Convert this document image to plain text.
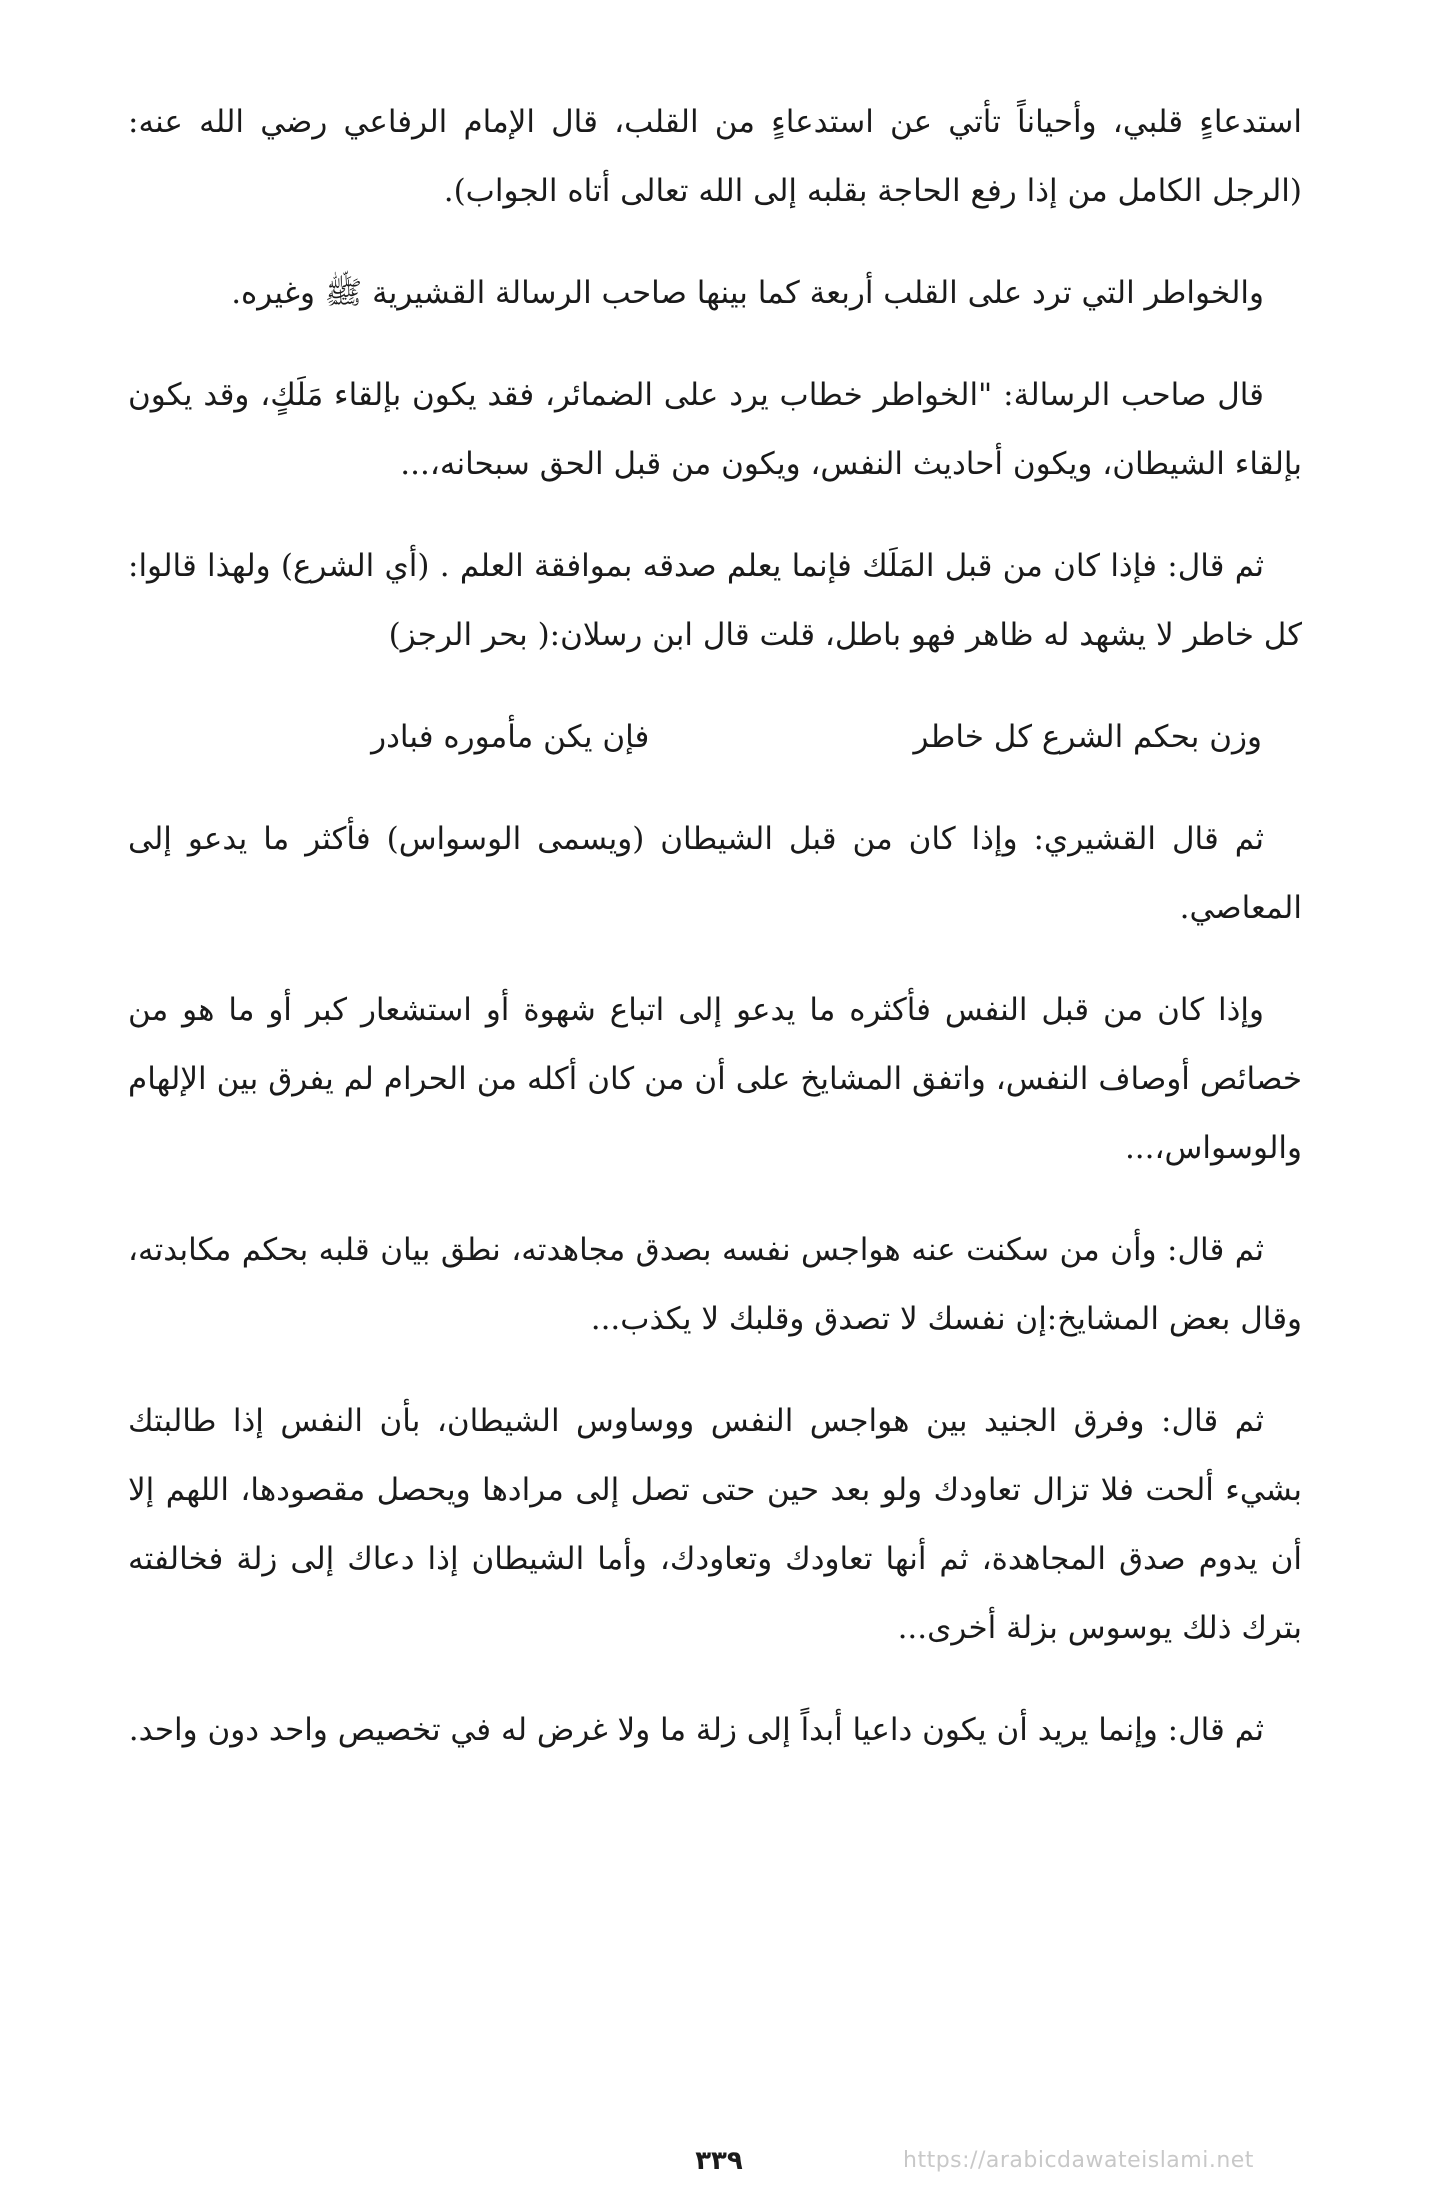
استدعاءٍ قلبي، وأحياناً تأتي عن استدعاءٍ من القلب، قال الإمام الرفاعي رضي الله عنه: (الرجل الكامل من إذا رفع الحاجة بقلبه إلى الله تعالى أتاه الجواب).

والخواطر التي ترد على القلب أربعة كما بينها صاحب الرسالة القشيرية ﷺ وغيره.

قال صاحب الرسالة: "الخواطر خطاب يرد على الضمائر، فقد يكون بإلقاء مَلَكٍ، وقد يكون بإلقاء الشيطان، ويكون أحاديث النفس، ويكون من قبل الحق سبحانه،...

ثم قال: فإذا كان من قبل المَلَك فإنما يعلم صدقه بموافقة العلم . (أي الشرع) ولهذا قالوا: كل خاطر لا يشهد له ظاهر فهو باطل، قلت قال ابن رسلان:( بحر الرجز)

وزن بحكم الشرع كل خاطر
فإن يكن مأموره فبادر

ثم قال القشيري: وإذا كان من قبل الشيطان (ويسمى الوسواس) فأكثر ما يدعو إلى المعاصي.

وإذا كان من قبل النفس فأكثره ما يدعو إلى اتباع شهوة أو استشعار كبر أو ما هو من خصائص أوصاف النفس، واتفق المشايخ على أن من كان أكله من الحرام لم يفرق بين الإلهام والوسواس،...

ثم قال: وأن من سكنت عنه هواجس نفسه بصدق مجاهدته، نطق بيان قلبه بحكم مكابدته، وقال بعض المشايخ:إن نفسك لا تصدق وقلبك لا يكذب...

ثم قال: وفرق الجنيد بين هواجس النفس ووساوس الشيطان، بأن النفس إذا طالبتك بشيء ألحت فلا تزال تعاودك ولو بعد حين حتى تصل إلى مرادها ويحصل مقصودها، اللهم إلا أن يدوم صدق المجاهدة، ثم أنها تعاودك وتعاودك، وأما الشيطان إذا دعاك إلى زلة فخالفته بترك ذلك يوسوس بزلة أخرى...

ثم قال: وإنما يريد أن يكون داعيا أبداً إلى زلة ما ولا غرض له في تخصيص واحد دون واحد.

٣٣٩	https://arabicdawateislami.net
